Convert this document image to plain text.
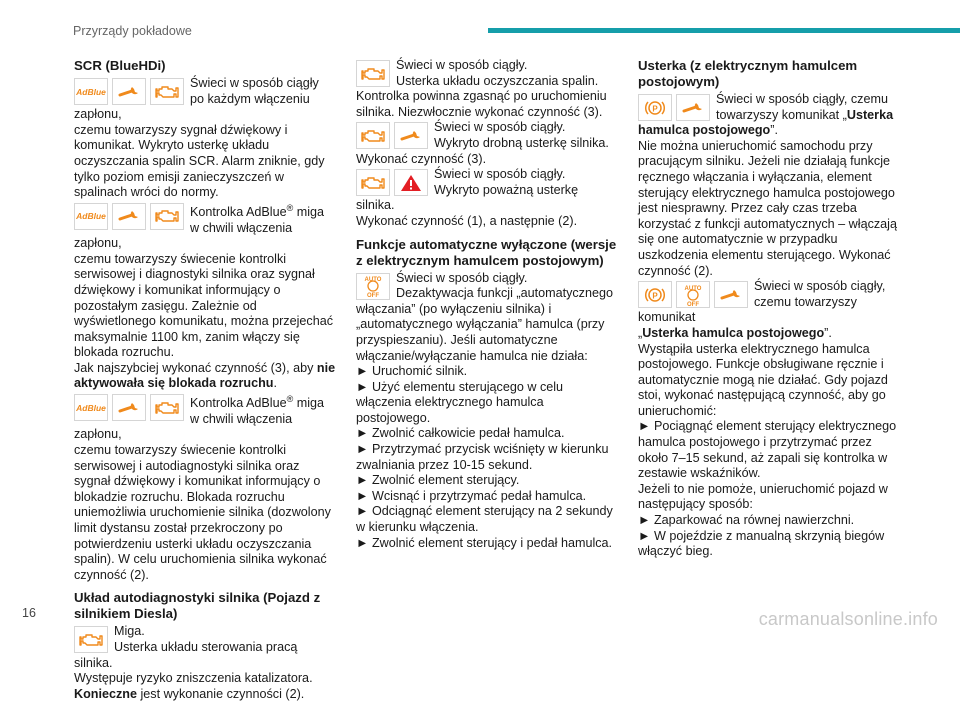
Przyrządy pokładowe
SCR (BlueHDi)
AdBlue

Świeci w sposób ciągły po każdym włączeniu zapłonu,

czemu towarzyszy sygnał dźwiękowy i komunikat. Wykryto usterkę układu oczyszczania spalin SCR. Alarm zniknie, gdy tylko poziom emisji zanieczyszczeń w spalinach wróci do normy.

AdBlue	Kontrolka AdBlue® miga w chwili włączenia zapłonu,

czemu towarzyszy świecenie kontrolki serwisowej i diagnostyki silnika oraz sygnał dźwiękowy i komunikat informujący o pozostałym zasięgu. Zależnie od wyświetlonego komunikatu, można przejechać maksymalnie 1100 km, zanim włączy się blokada rozruchu.

Jak najszybciej wykonać czynność (3), aby nie aktywowała się blokada rozruchu.

AdBlue	Kontrolka AdBlue® miga w chwili włączenia zapłonu,

czemu towarzyszy świecenie kontrolki serwisowej i autodiagnostyki silnika oraz sygnał dźwiękowy i komunikat informujący o blokadzie rozruchu. Blokada rozruchu uniemożliwia uruchomienie silnika (dozwolony limit dystansu został przekroczony po potwierdzeniu usterki układu oczyszczania spalin). W celu uruchomienia silnika wykonać czynność (2).

Układ autodiagnostyki silnika (Pojazd z silnikiem Diesla)

Miga.

Usterka układu sterowania pracą silnika.

Występuje ryzyko zniszczenia katalizatora.

Konieczne jest wykonanie czynności (2).

Świeci w sposób ciągły.

Usterka układu oczyszczania spalin.

Kontrolka powinna zgasnąć po uruchomieniu silnika. Niezwłocznie wykonać czynność (3).

Świeci w sposób ciągły.

Wykryto drobną usterkę silnika.

Wykonać czynność (3).

Świeci w sposób ciągły.

Wykryto poważną usterkę silnika.

Wykonać czynność (1), a następnie (2).

Funkcje automatyczne wyłączone (wersje z elektrycznym hamulcem postojowym)
AUTO
OFF

Świeci w sposób ciągły.

Dezaktywacja funkcji „automatycznego

włączania” (po wyłączeniu silnika) i „automatycznego wyłączania” hamulca (przy przyspieszaniu). Jeśli automatyczne włączanie/wyłączanie hamulca nie działa:

► Uruchomić silnik.

► Użyć elementu sterującego w celu włączenia elektrycznego hamulca postojowego.

► Zwolnić całkowicie pedał hamulca.

► Przytrzymać przycisk wciśnięty w kierunku zwalniania przez 10-15 sekund.

► Zwolnić element sterujący.

► Wcisnąć i przytrzymać pedał hamulca.

► Odciągnąć element sterujący na 2 sekundy w kierunku włączenia.

► Zwolnić element sterujący i pedał hamulca.

Usterka (z elektrycznym hamulcem postojowym)

Świeci w sposób ciągły, czemu towarzyszy komunikat „Usterka hamulca postojowego”.

Nie można unieruchomić samochodu przy pracującym silniku. Jeżeli nie działają funkcje ręcznego włączania i wyłączania, element sterujący elektrycznego hamulca postojowego jest niesprawny. Przez cały czas trzeba korzystać z funkcji automatycznych – włączają się one automatycznie w przypadku uszkodzenia elementu sterującego. Wykonać czynność (2).

AUTO
OFF

Świeci w sposób ciągły, czemu towarzyszy komunikat

„Usterka hamulca postojowego”.

Wystąpiła usterka elektrycznego hamulca postojowego. Funkcje obsługiwane ręcznie i automatycznie mogą nie działać. Gdy pojazd stoi, wykonać następującą czynność, aby go unieruchomić:

► Pociągnąć element sterujący elektrycznego hamulca postojowego i przytrzymać przez około 7–15 sekund, aż zapali się kontrolka w zestawie wskaźników.

Jeżeli to nie pomoże, unieruchomić pojazd w następujący sposób:

► Zaparkować na równej nawierzchni.

► W pojeździe z manualną skrzynią biegów włączyć bieg.

16	carmanualsonline.info
